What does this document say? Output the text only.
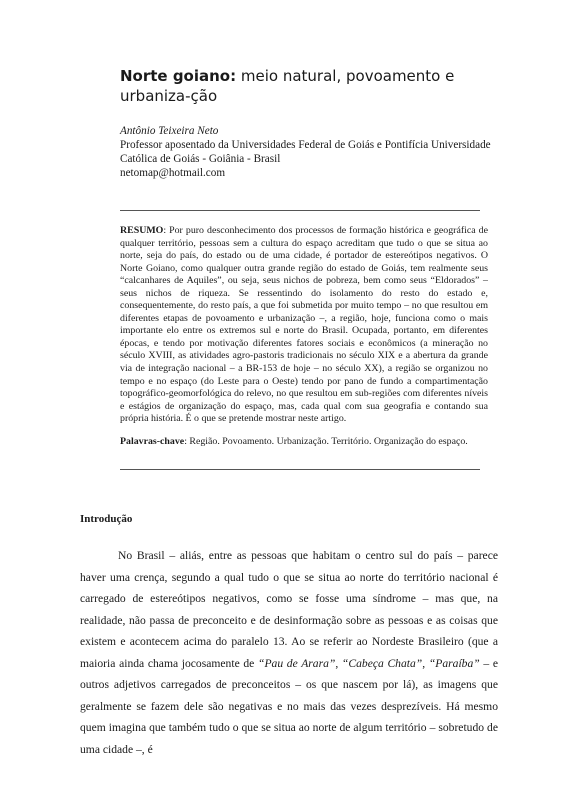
Norte goiano: meio natural, povoamento e urbaniza-ção
Antônio Teixeira Neto
Professor aposentado da Universidades Federal de Goiás e Pontifícia Universidade Católica de Goiás - Goiânia - Brasil
netomap@hotmail.com
RESUMO: Por puro desconhecimento dos processos de formação histórica e geográfica de qualquer território, pessoas sem a cultura do espaço acreditam que tudo o que se situa ao norte, seja do país, do estado ou de uma cidade, é portador de estereótipos negativos. O Norte Goiano, como qualquer outra grande região do estado de Goiás, tem realmente seus “calcanhares de Aquiles”, ou seja, seus nichos de pobreza, bem como seus “Eldorados” – seus nichos de riqueza. Se ressentindo do isolamento do resto do estado e, consequentemente, do resto país, a que foi submetida por muito tempo – no que resultou em diferentes etapas de povoamento e urbanização –, a região, hoje, funciona como o mais importante elo entre os extremos sul e norte do Brasil. Ocupada, portanto, em diferentes épocas, e tendo por motivação diferentes fatores sociais e econômicos (a mineração no século XVIII, as atividades agro-pastoris tradicionais no século XIX e a abertura da grande via de integração nacional – a BR-153 de hoje – no século XX), a região se organizou no tempo e no espaço (do Leste para o Oeste) tendo por pano de fundo a compartimentação topográfico-geomorfológica do relevo, no que resultou em sub-regiões com diferentes níveis e estágios de organização do espaço, mas, cada qual com sua geografia e contando sua própria história. É o que se pretende mostrar neste artigo.
Palavras-chave: Região. Povoamento. Urbanização. Território. Organização do espaço.
Introdução
No Brasil – aliás, entre as pessoas que habitam o centro sul do país – parece haver uma crença, segundo a qual tudo o que se situa ao norte do território nacional é carregado de estereótipos negativos, como se fosse uma síndrome – mas que, na realidade, não passa de preconceito e de desinformação sobre as pessoas e as coisas que existem e acontecem acima do paralelo 13. Ao se referir ao Nordeste Brasileiro (que a maioria ainda chama jocosamente de “Pau de Arara”, “Cabeça Chata”, “Paraíba” – e outros adjetivos carregados de preconceitos – os que nascem por lá), as imagens que geralmente se fazem dele são negativas e no mais das vezes desprezíveis. Há mesmo quem imagina que também tudo o que se situa ao norte de algum território – sobretudo de uma cidade –, é
